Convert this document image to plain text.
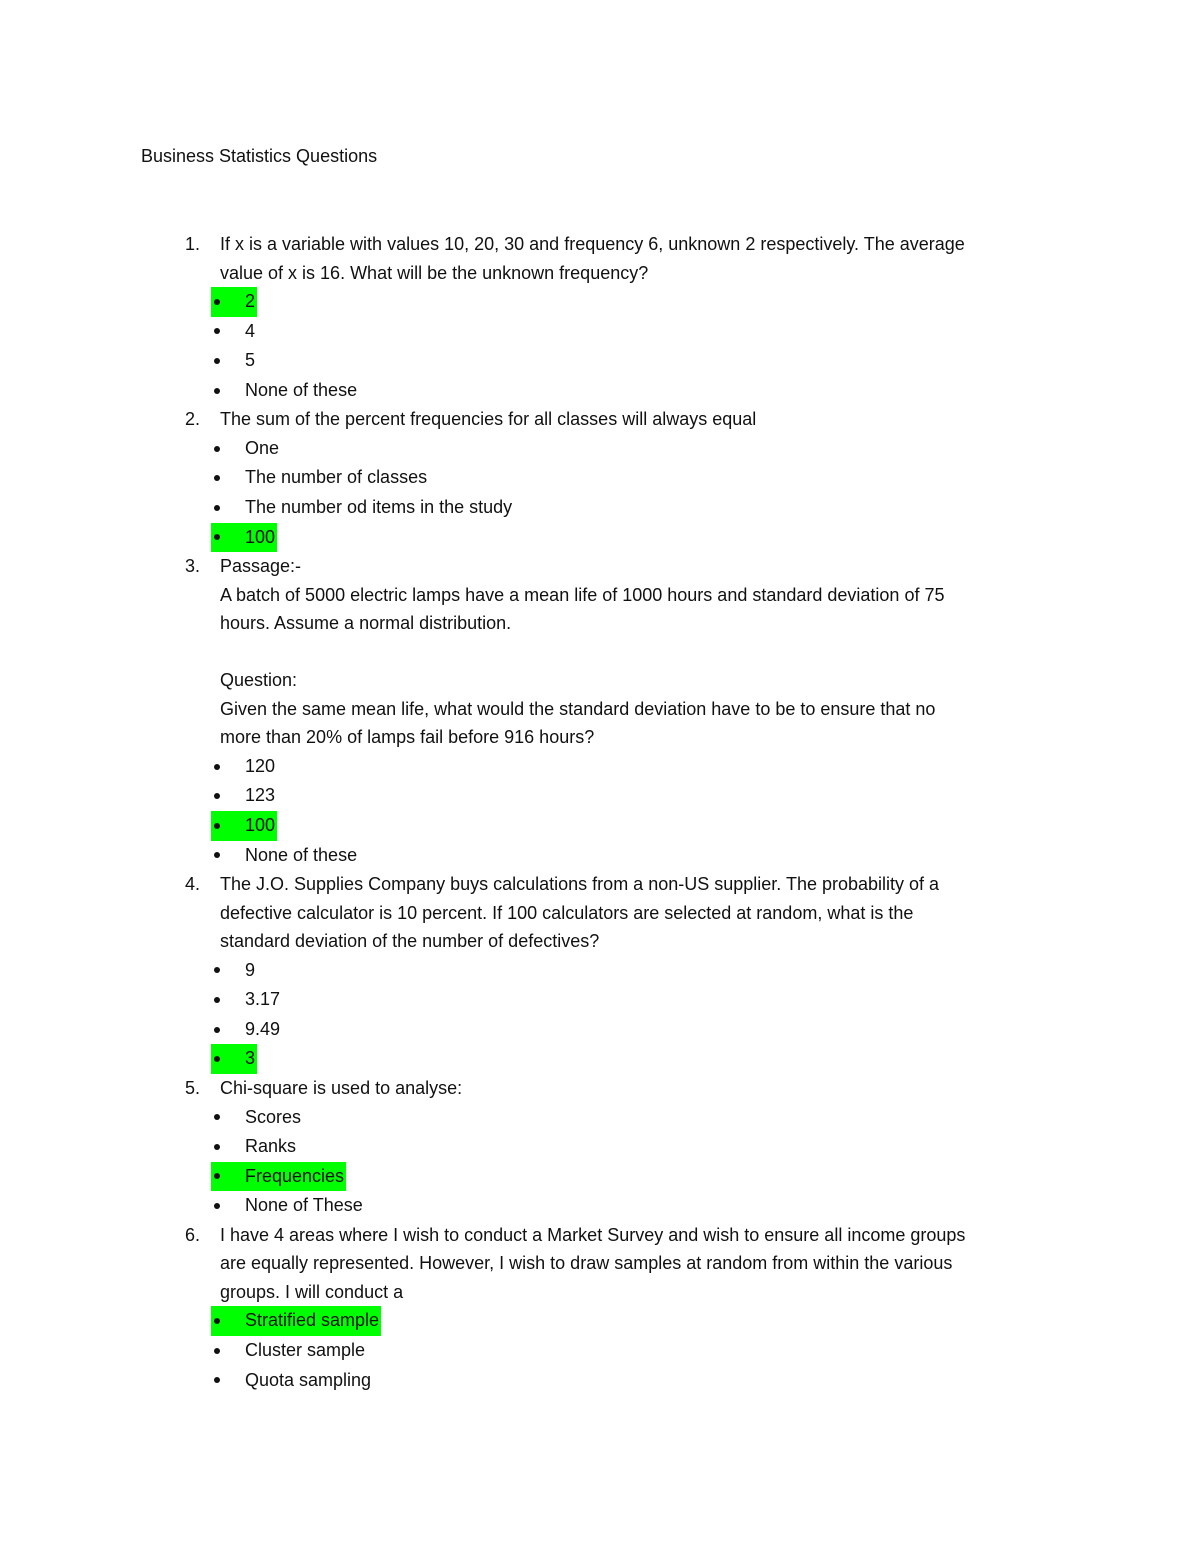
Business Statistics Questions
1. If x is a variable with values 10, 20, 30 and frequency 6, unknown 2 respectively. The average
value of x is 16. What will be the unknown frequency?
2
4
5
None of these
2. The sum of the percent frequencies for all classes will always equal
One
The number of classes
The number od items in the study
100
3. Passage:-
A batch of 5000 electric lamps have a mean life of 1000 hours and standard deviation of 75
hours. Assume a normal distribution.
Question:
Given the same mean life, what would the standard deviation have to be to ensure that no
more than 20% of lamps fail before 916 hours?
120
123
100
None of these
4. The J.O. Supplies Company buys calculations from a non-US supplier. The probability of a
defective calculator is 10 percent. If 100 calculators are selected at random, what is the
standard deviation of the number of defectives?
9
3.17
9.49
3
5. Chi-square is used to analyse:
Scores
Ranks
Frequencies
None of These
6. I have 4 areas where I wish to conduct a Market Survey and wish to ensure all income groups
are equally represented. However, I wish to draw samples at random from within the various
groups. I will conduct a
Stratified sample
Cluster sample
Quota sampling
